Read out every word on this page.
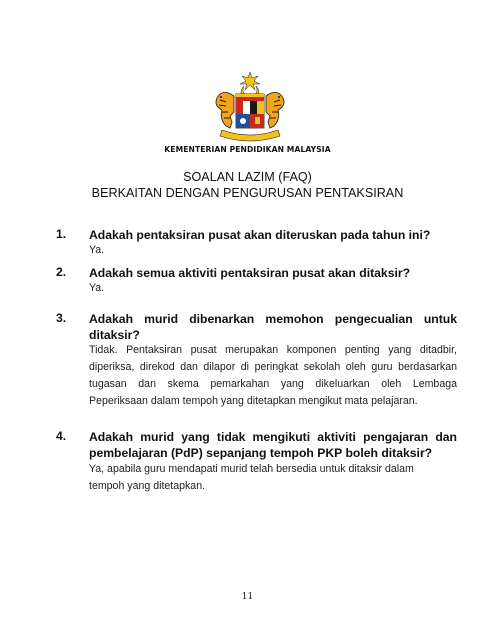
KEMENTERIAN PENDIDIKAN MALAYSIA
SOALAN LAZIM (FAQ)
BERKAITAN DENGAN PENGURUSAN PENTAKSIRAN
1. Adakah pentaksiran pusat akan diteruskan pada tahun ini?
Ya.
2. Adakah semua aktiviti pentaksiran pusat akan ditaksir?
Ya.
3. Adakah murid dibenarkan memohon pengecualian untuk ditaksir?
Tidak. Pentaksiran pusat merupakan komponen penting yang ditadbir, diperiksa, direkod dan dilapor di peringkat sekolah oleh guru berdasarkan tugasan dan skema pemarkahan yang dikeluarkan oleh Lembaga Peperiksaan dalam tempoh yang ditetapkan mengikut mata pelajaran.
4. Adakah murid yang tidak mengikuti aktiviti pengajaran dan pembelajaran (PdP) sepanjang tempoh PKP boleh ditaksir?
Ya, apabila guru mendapati murid telah bersedia untuk ditaksir dalam tempoh yang ditetapkan.
11
